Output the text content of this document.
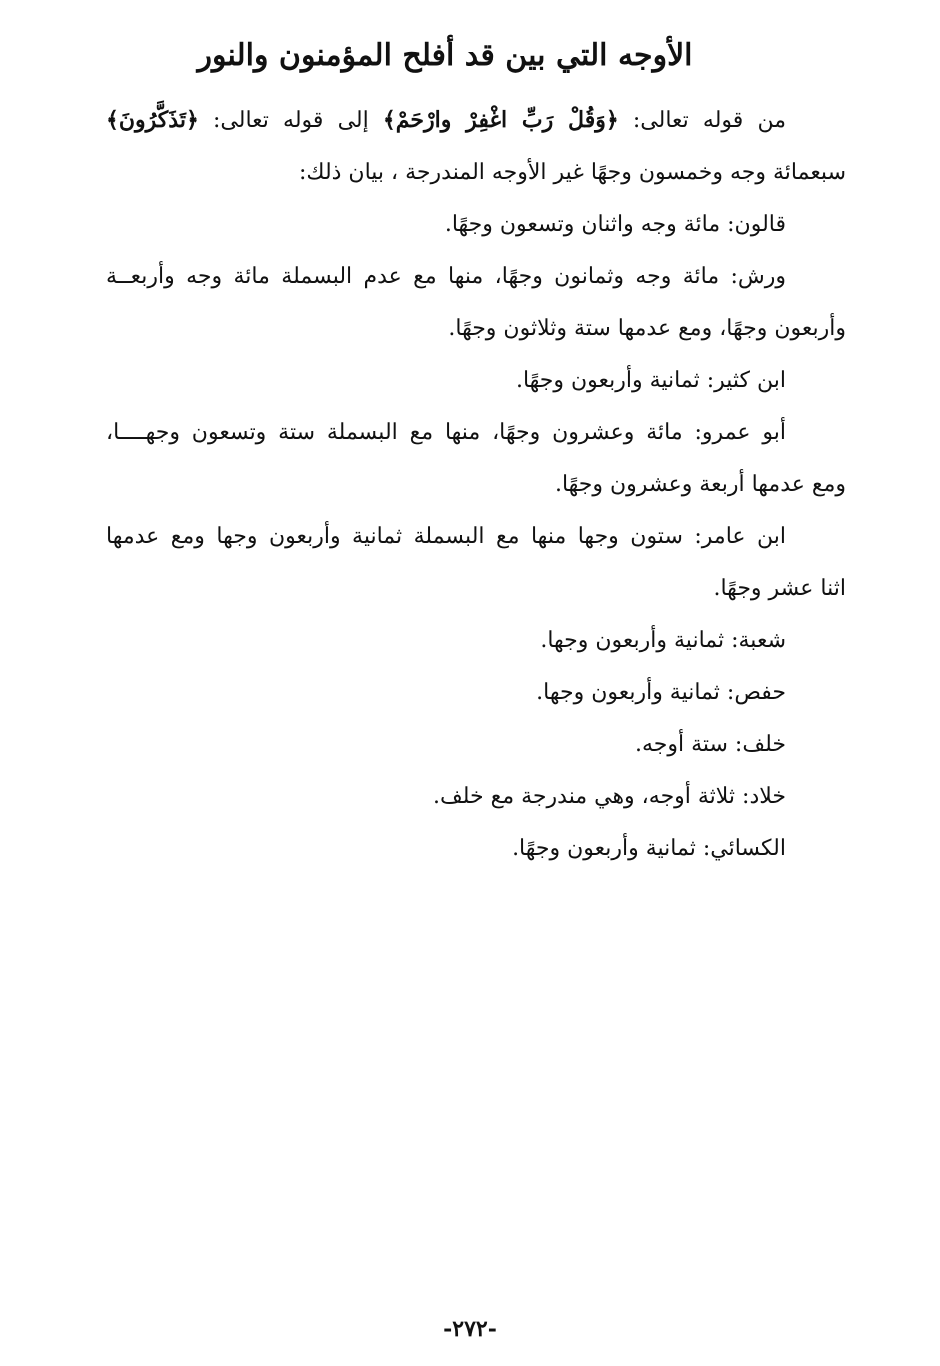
الأوجه التي بين قد أفلح المؤمنون والنور
من قوله تعالى: ﴿وَقُلْ رَبِّ اغْفِرْ وارْحَمْ﴾ إلى قوله تعالى: ﴿تَذَكَّرُونَ﴾
سبعمائة وجه وخمسون وجهًا غير الأوجه المندرجة ، بيان ذلك:
قالون: مائة وجه واثنان وتسعون وجهًا.
ورش: مائة وجه وثمانون وجهًا، منها مع عدم البسملة مائة وجه وأربعــة
وأربعون وجهًا، ومع عدمها ستة وثلاثون وجهًا.
ابن كثير: ثمانية وأربعون وجهًا.
أبو عمرو: مائة وعشرون وجهًا، منها مع البسملة ستة وتسعون وجهــــا،
ومع عدمها أربعة وعشرون وجهًا.
ابن عامر: ستون وجها منها مع البسملة ثمانية وأربعون وجها ومع عدمها
اثنا عشر وجهًا.
شعبة: ثمانية وأربعون وجها.
حفص: ثمانية وأربعون وجها.
خلف: ستة أوجه.
خلاد: ثلاثة أوجه، وهي مندرجة مع خلف.
الكسائي: ثمانية وأربعون وجهًا.
-٢٧٢-
